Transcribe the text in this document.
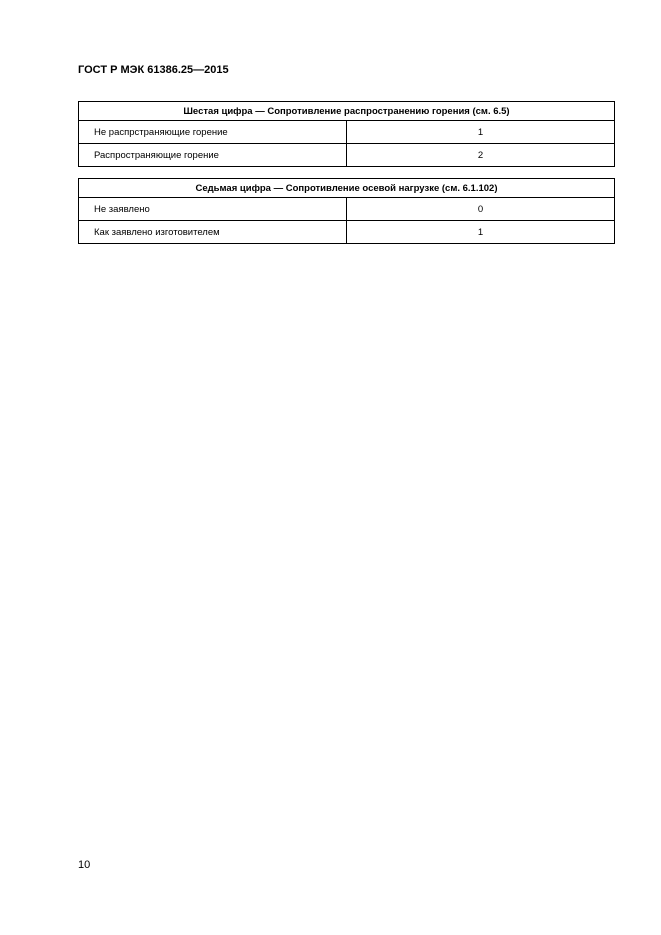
ГОСТ Р МЭК 61386.25—2015
Шестая цифра — Сопротивление распространению горения (см. 6.5)	
Не распрстраняющие горение	1
Распространяющие горение	2
Седьмая цифра — Сопротивление осевой нагрузке (см. 6.1.102)	
Не заявлено	0
Как заявлено изготовителем	1
10
